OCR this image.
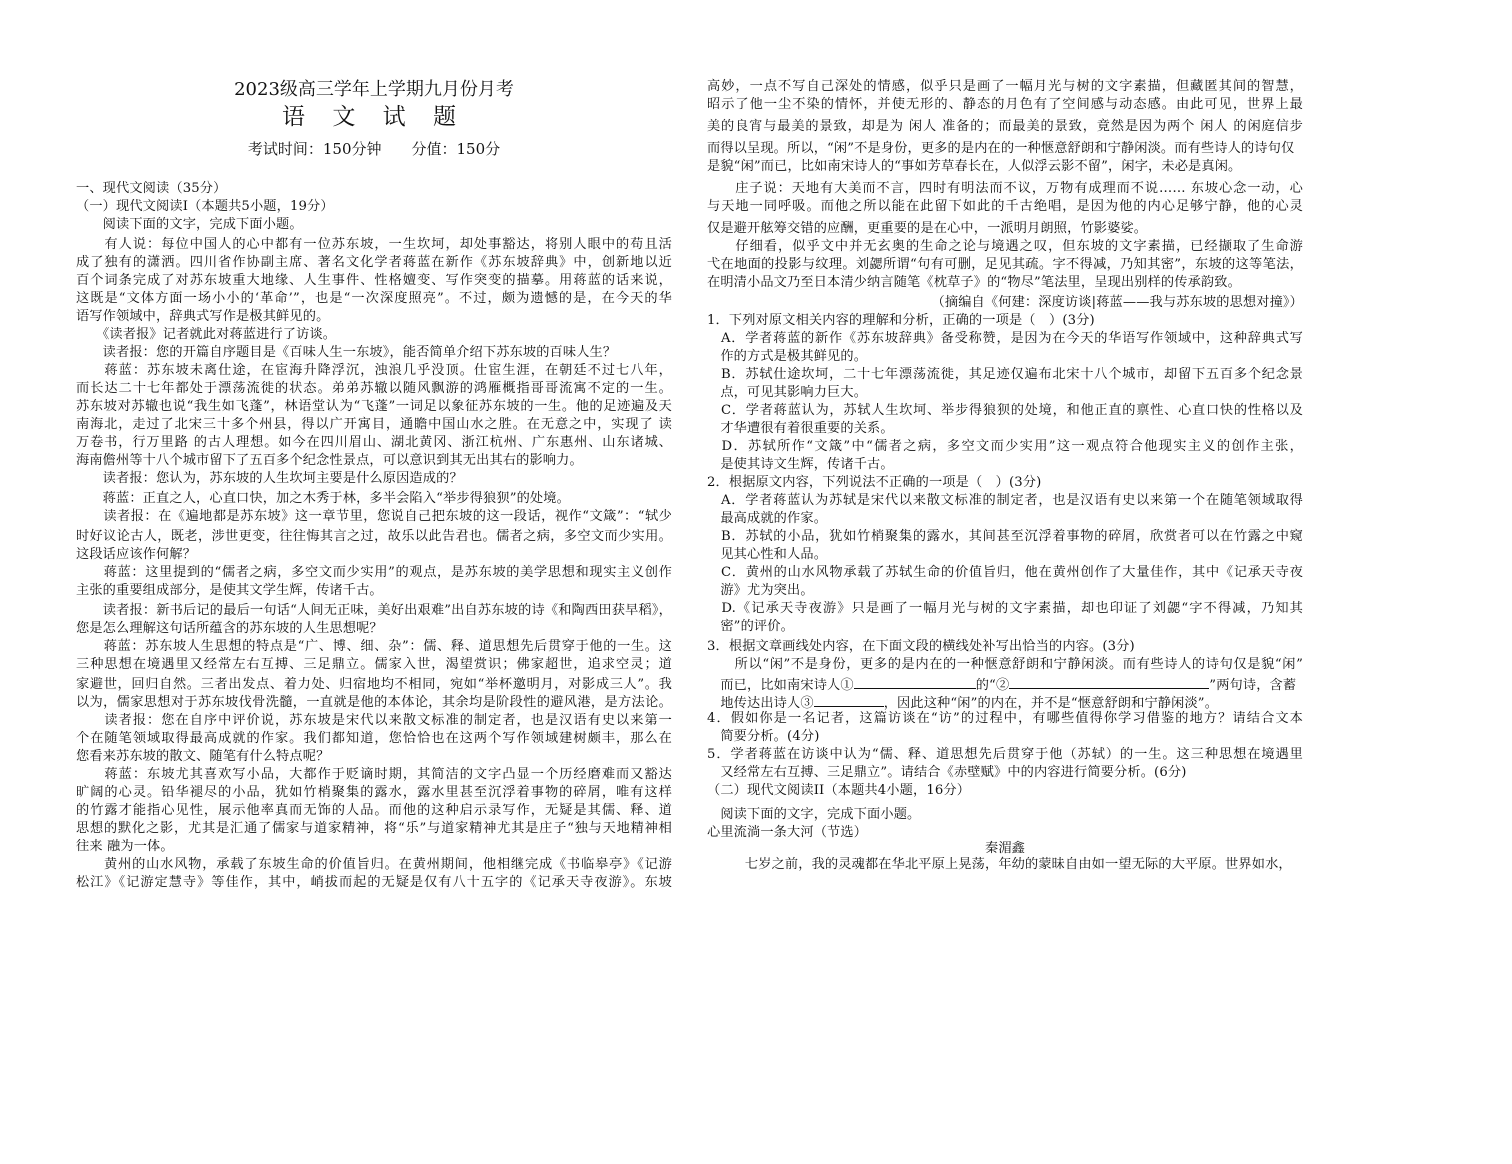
2023级高三学年上学期九月份月考
语 文 试 题
考试时间：150分钟　　分值：150分
一、现代文阅读（35分）
（一）现代文阅读I（本题共5小题，19分）
　　阅读下面的文字，完成下面小题。
　　有人说：每位中国人的心中都有一位苏东坡，一生坎坷，却处事豁达，将别人眼中的苟且活
成了独有的潇洒。四川省作协副主席、著名文化学者蒋蓝在新作《苏东坡辞典》中，创新地以近
百个词条完成了对苏东坡重大地缘、人生事件、性格嬗变、写作突变的描摹。用蒋蓝的话来说，
这既是“文体方面一场小小的‘革命’”，也是“一次深度照亮”。不过，颇为遗憾的是，在今天的华
语写作领域中，辞典式写作是极其鲜见的。
　　《读者报》记者就此对蒋蓝进行了访谈。
　　读者报：您的开篇自序题目是《百味人生一东坡》，能否简单介绍下苏东坡的百味人生？
　　蒋蓝：苏东坡未离仕途，在宦海升降浮沉，浊浪几乎没顶。仕宦生涯，在朝廷不过七八年，
而长达二十七年都处于漂荡流徙的状态。弟弟苏辙以随风飘游的鸿雁概指哥哥流寓不定的一生。
苏东坡对苏辙也说“我生如飞蓬”，林语堂认为“飞蓬”一词足以象征苏东坡的一生。他的足迹遍及天
南海北，走过了北宋三十多个州县，得以广开寓目，通瞻中国山水之胜。在无意之中，实现了 读
万卷书，行万里路 的古人理想。如今在四川眉山、湖北黄冈、浙江杭州、广东惠州、山东诸城、
海南儋州等十八个城市留下了五百多个纪念性景点，可以意识到其无出其右的影响力。
　　读者报：您认为，苏东坡的人生坎坷主要是什么原因造成的？
　　蒋蓝：正直之人，心直口快，加之木秀于林，多半会陷入“举步得狼狈”的处境。
　　读者报：在《遍地都是苏东坡》这一章节里，您说自己把东坡的这一段话，视作“文箴”：“轼少
时好议论古人，既老，涉世更变，往往悔其言之过，故乐以此告君也。儒者之病，多空文而少实用。
这段话应该作何解？
　　蒋蓝：这里提到的“儒者之病，多空文而少实用”的观点，是苏东坡的美学思想和现实主义创作
主张的重要组成部分，是使其文学生辉，传诸千古。
　　读者报：新书后记的最后一句话“人间无正味，美好出艰难”出自苏东坡的诗《和陶西田获早稻》，
您是怎么理解这句话所蕴含的苏东坡的人生思想呢？
　　蒋蓝：苏东坡人生思想的特点是“广、博、细、杂”：儒、释、道思想先后贯穿于他的一生。这
三种思想在境遇里又经常左右互搏、三足鼎立。儒家入世，渴望赏识；佛家超世，追求空灵；道
家避世，回归自然。三者出发点、着力处、归宿地均不相同，宛如“举杯邀明月，对影成三人”。我
以为，儒家思想对于苏东坡伐骨洗髓，一直就是他的本体论，其余均是阶段性的避风港，是方法论。
　　读者报：您在自序中评价说，苏东坡是宋代以来散文标准的制定者，也是汉语有史以来第一
个在随笔领域取得最高成就的作家。我们都知道，您恰恰也在这两个写作领域建树颇丰，那么在
您看来苏东坡的散文、随笔有什么特点呢？
　　蒋蓝：东坡尤其喜欢写小品，大都作于贬谪时期，其简洁的文字凸显一个历经磨难而又豁达
旷阔的心灵。铅华褪尽的小品，犹如竹梢聚集的露水，露水里甚至沉浮着事物的碎屑，唯有这样
的竹露才能指心见性，展示他率真而无饰的人品。而他的这种启示录写作，无疑是其儒、释、道
思想的默化之影，尤其是汇通了儒家与道家精神，将“乐”与道家精神尤其是庄子“独与天地精神相
往来 融为一体。
　　黄州的山水风物，承载了东坡生命的价值旨归。在黄州期间，他相继完成《书临皋亭》《记游
松江》《记游定慧寺》等佳作，其中，峭拔而起的无疑是仅有八十五字的《记承天寺夜游》。东坡
高妙，一点不写自己深处的情感，似乎只是画了一幅月光与树的文字素描，但藏匿其间的智慧，
昭示了他一尘不染的情怀，并使无形的、静态的月色有了空间感与动态感。由此可见，世界上最
美的良宵与最美的景致，却是为 闲人 准备的；而最美的景致，竟然是因为两个 闲人 的闲庭信步
而得以呈现。所以，“闲”不是身份，更多的是内在的一种惬意舒朗和宁静闲淡。而有些诗人的诗句仅
是貌“闲”而已，比如南宋诗人的“事如芳草春长在，人似浮云影不留”，闲字，未必是真闲。
　　庄子说：天地有大美而不言，四时有明法而不议，万物有成理而不说…… 东坡心念一动，心
与天地一同呼吸。而他之所以能在此留下如此的千古绝唱，是因为他的内心足够宁静，他的心灵
仅是避开舷筹交错的应酬，更重要的是在心中，一派明月朗照，竹影婆娑。
　　仔细看，似乎文中并无玄奥的生命之论与境遇之叹，但东坡的文字素描，已经撷取了生命游
弋在地面的投影与纹理。刘勰所谓“句有可删，足见其疏。字不得减，乃知其密”，东坡的这等笔法，
在明清小品文乃至日本清少纳言随笔《枕草子》的“物尽”笔法里，呈现出别样的传承韵致。
（摘编自《何建：深度访谈|蒋蓝——我与苏东坡的思想对撞》）
1．下列对原文相关内容的理解和分析，正确的一项是（　）(3分)
　A．学者蒋蓝的新作《苏东坡辞典》备受称赞，是因为在今天的华语写作领域中，这种辞典式写
　作的方式是极其鲜见的。
　B．苏轼仕途坎坷，二十七年漂荡流徙，其足迹仅遍布北宋十八个城市，却留下五百多个纪念景
　点，可见其影响力巨大。
　C．学者蒋蓝认为，苏轼人生坎坷、举步得狼狈的处境，和他正直的禀性、心直口快的性格以及
　才华遭很有着很重要的关系。
　D．苏轼所作“文箴”中“儒者之病，多空文而少实用”这一观点符合他现实主义的创作主张，
　是使其诗文生辉，传诸千古。
2．根据原文内容，下列说法不正确的一项是（　）(3分)
　A．学者蒋蓝认为苏轼是宋代以来散文标准的制定者，也是汉语有史以来第一个在随笔领域取得
　最高成就的作家。
　B．苏轼的小品，犹如竹梢聚集的露水，其间甚至沉浮着事物的碎屑，欣赏者可以在竹露之中窥
　见其心性和人品。
　C．黄州的山水风物承载了苏轼生命的价值旨归，他在黄州创作了大量佳作，其中《记承天寺夜
　游》尤为突出。
　D.《记承天寺夜游》只是画了一幅月光与树的文字素描，却也印证了刘勰“字不得减，乃知其
　密”的评价。
3．根据文章画线处内容，在下面文段的横线处补写出恰当的内容。(3分)
　　所以“闲”不是身份，更多的是内在的一种惬意舒朗和宁静闲淡。而有些诗人的诗句仅是貌“闲”
　而已，比如南宋诗人①	的“②	”两句诗，含蓄
　地传达出诗人③	，因此这种“闲”的内在，并不是“惬意舒朗和宁静闲淡”。
4．假如你是一名记者，这篇访谈在“访”的过程中，有哪些值得你学习借鉴的地方？请结合文本
　简要分析。(4分)
5．学者蒋蓝在访谈中认为“儒、释、道思想先后贯穿于他（苏轼）的一生。这三种思想在境遇里
　又经常左右互搏、三足鼎立”。请结合《赤壁赋》中的内容进行简要分析。(6分)
（二）现代文阅读II（本题共4小题，16分）
　阅读下面的文字，完成下面小题。
心里流淌一条大河（节选）
秦湄鑫
　　七岁之前，我的灵魂都在华北平原上晃荡，年幼的蒙昧自由如一望无际的大平原。世界如水，
